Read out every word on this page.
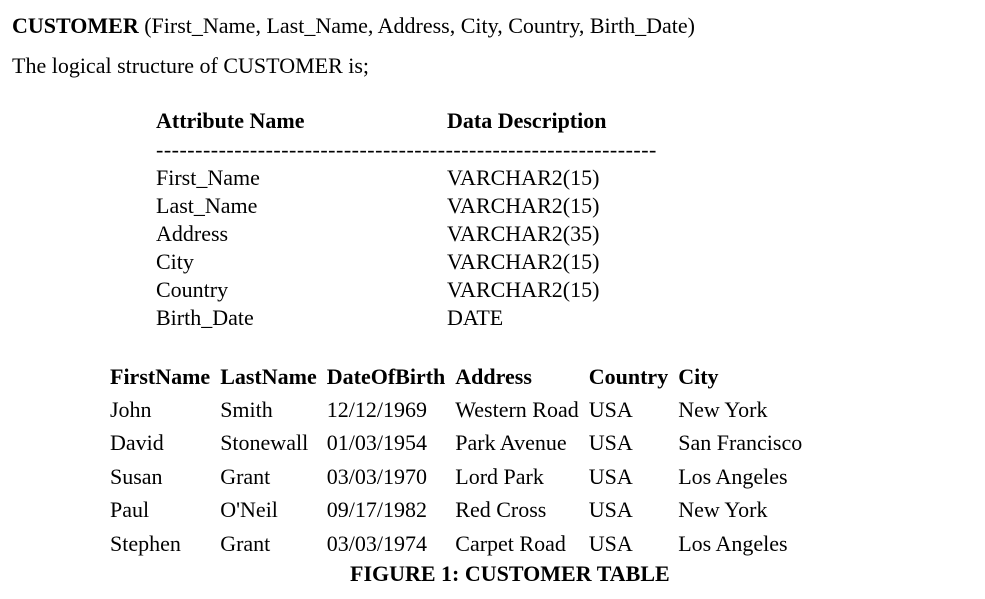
CUSTOMER (First_Name, Last_Name, Address, City, Country, Birth_Date)
The logical structure of CUSTOMER is;
Attribute Name	Data Description
----------------------------------------------------------------
First_Name	VARCHAR2(15)
Last_Name	VARCHAR2(15)
Address	VARCHAR2(35)
City	VARCHAR2(15)
Country	VARCHAR2(15)
Birth_Date	DATE
FirstName	LastName	DateOfBirth	Address	Country	City
John	Smith	12/12/1969	Western Road	USA	New York
David	Stonewall	01/03/1954	Park Avenue	USA	San Francisco
Susan	Grant	03/03/1970	Lord Park	USA	Los Angeles
Paul	O'Neil	09/17/1982	Red Cross	USA	New York
Stephen	Grant	03/03/1974	Carpet Road	USA	Los Angeles
FIGURE 1: CUSTOMER TABLE
